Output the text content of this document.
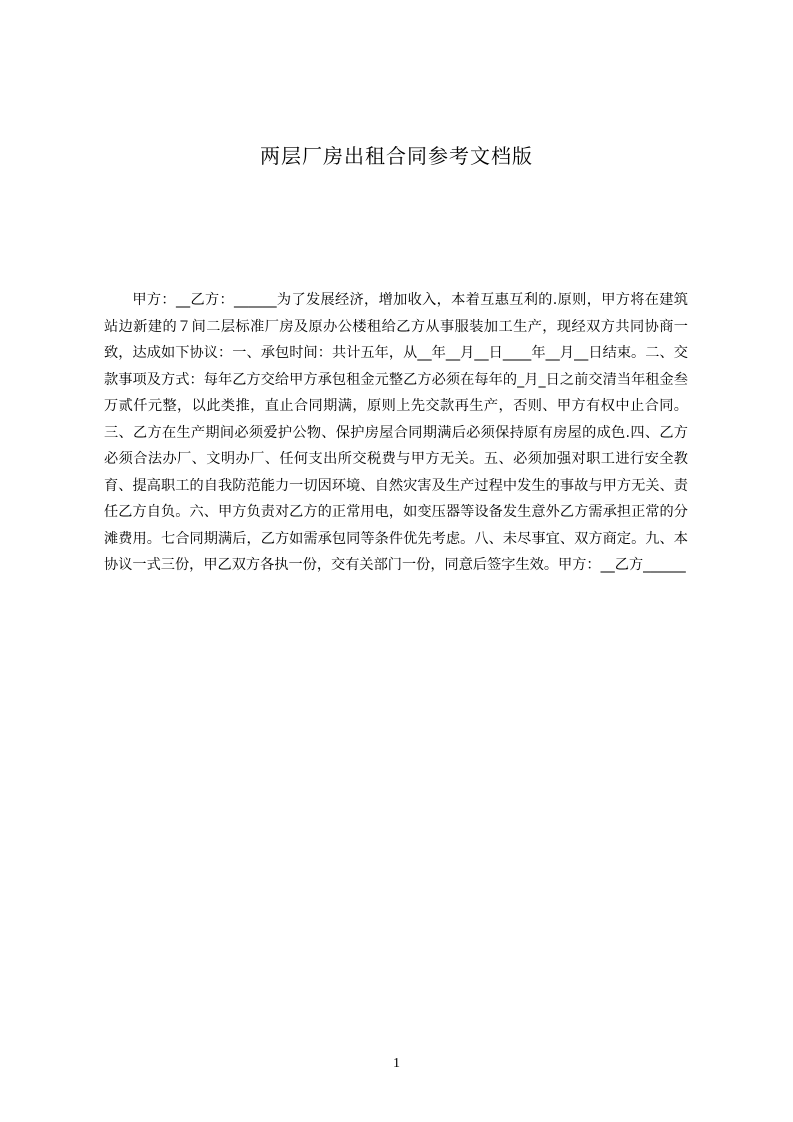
两层厂房出租合同参考文档版

甲方：__乙方：______为了发展经济，增加收入，本着互惠互利的.原则，甲方将在建筑站边新建的７间二层标准厂房及原办公楼租给乙方从事服装加工生产，现经双方共同协商一致，达成如下协议：一、承包时间：共计五年，从__年__月__日____年__月__日结束。二、交款事项及方式：每年乙方交给甲方承包租金元整乙方必须在每年的_月_日之前交清当年租金叁万贰仟元整，以此类推，直止合同期满，原则上先交款再生产，否则、甲方有权中止合同。三、乙方在生产期间必须爱护公物、保护房屋合同期满后必须保持原有房屋的成色.四、乙方必须合法办厂、文明办厂、任何支出所交税费与甲方无关。五、必须加强对职工进行安全教育、提高职工的自我防范能力一切因环境、自然灾害及生产过程中发生的事故与甲方无关、责任乙方自负。六、甲方负责对乙方的正常用电，如变压器等设备发生意外乙方需承担正常的分滩费用。七合同期满后，乙方如需承包同等条件优先考虑。八、未尽事宜、双方商定。九、本协议一式三份，甲乙双方各执一份，交有关部门一份，同意后签字生效。甲方：__乙方______

1
